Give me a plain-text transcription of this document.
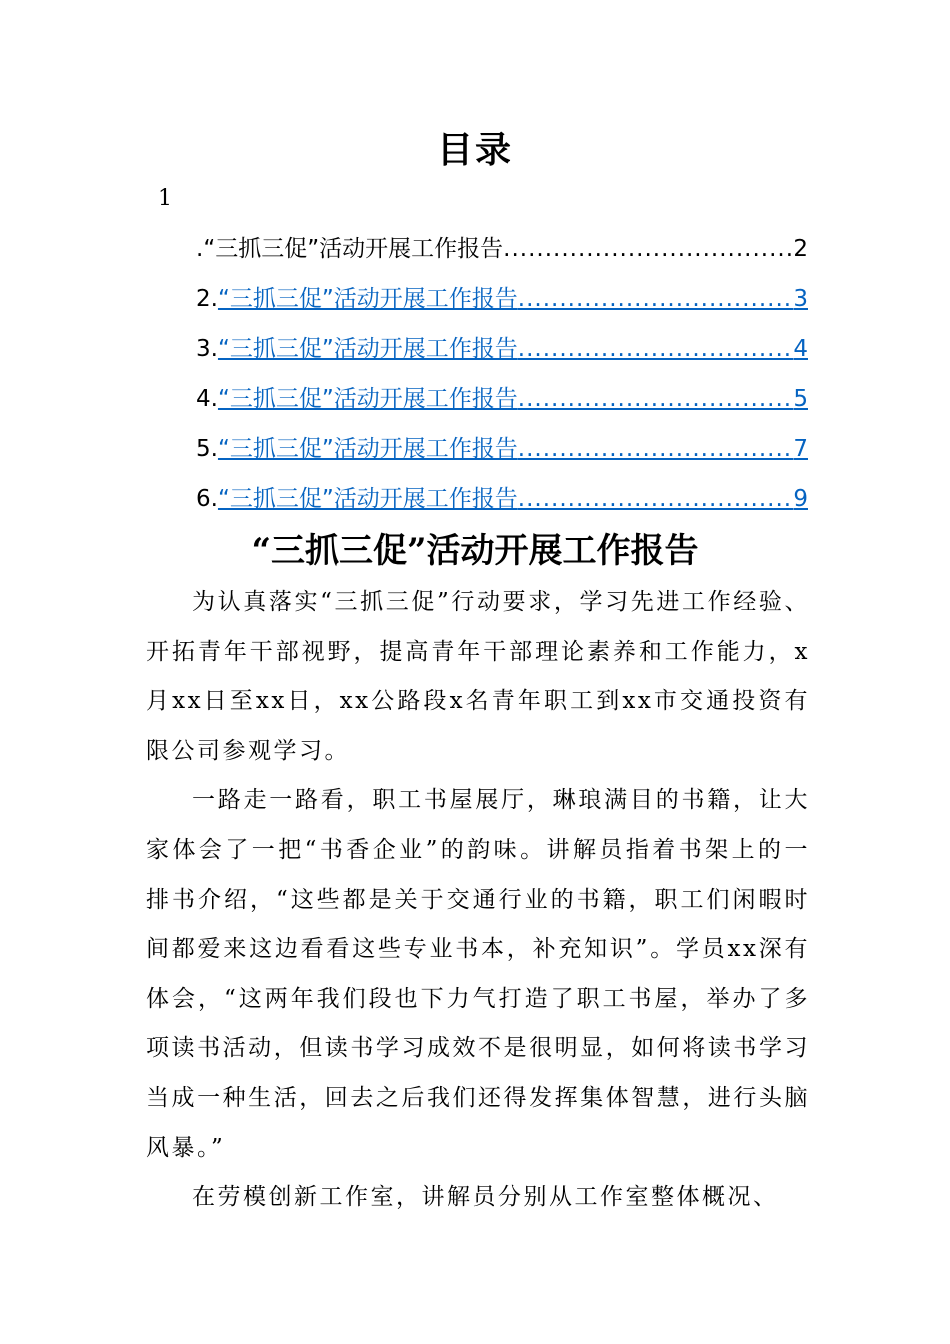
目录
1
. “三抓三促”活动开展工作报告 .....	2
2. “三抓三促”活动开展工作报告 .....	3
3. “三抓三促”活动开展工作报告 .....	4
4. “三抓三促”活动开展工作报告 .....	5
5. “三抓三促”活动开展工作报告 .....	7
6. “三抓三促”活动开展工作报告 .....	9
“三抓三促”活动开展工作报告

为认真落实“三抓三促”行动要求，学习先进工作经验、开拓青年干部视野，提高青年干部理论素养和工作能力，x月xx日至xx日，xx公路段x名青年职工到xx市交通投资有限公司参观学习。

一路走一路看，职工书屋展厅，琳琅满目的书籍，让大家体会了一把“书香企业”的韵味。讲解员指着书架上的一排书介绍，“这些都是关于交通行业的书籍，职工们闲暇时间都爱来这边看看这些专业书本，补充知识”。学员xx深有体会，“这两年我们段也下力气打造了职工书屋，举办了多项读书活动，但读书学习成效不是很明显，如何将读书学习当成一种生活，回去之后我们还得发挥集体智慧，进行头脑风暴。”

在劳模创新工作室，讲解员分别从工作室整体概况、
